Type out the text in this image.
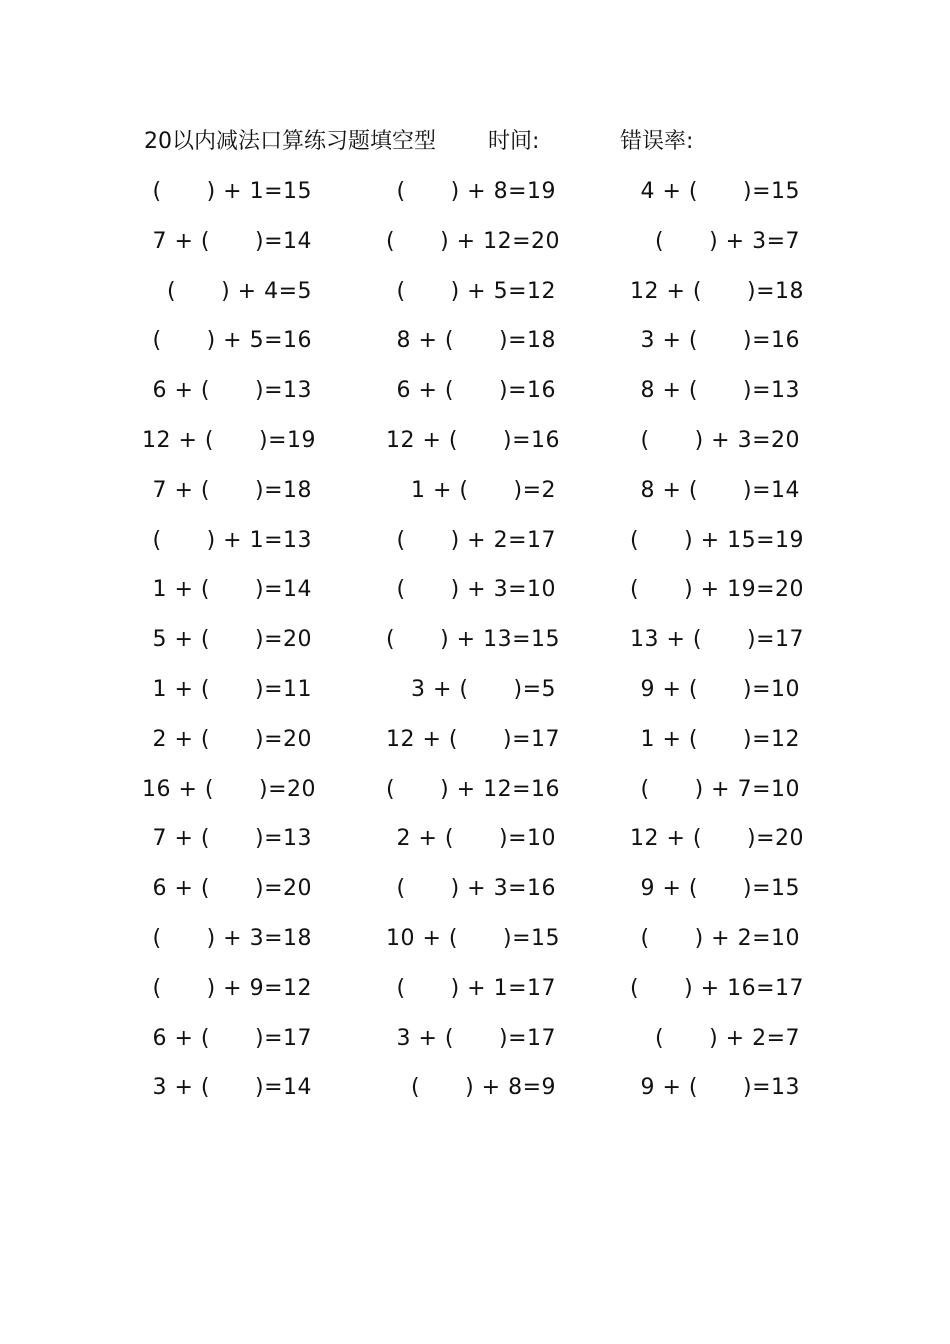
20以内减法口算练习题填空型 时间:	错误率:
(  ) + 1=15	(  ) + 8=19	4 + (  )=15
7 + (  )=14	(  ) + 12=20	(  ) + 3=7
(  ) + 4=5	(  ) + 5=12	12 + (  )=18
(  ) + 5=16	8 + (  )=18	3 + (  )=16
6 + (  )=13	6 + (  )=16	8 + (  )=13
12 + (  )=19	12 + (  )=16	(  ) + 3=20
7 + (  )=18	1 + (  )=2	8 + (  )=14
(  ) + 1=13	(  ) + 2=17	(  ) + 15=19
1 + (  )=14	(  ) + 3=10	(  ) + 19=20
5 + (  )=20	(  ) + 13=15	13 + (  )=17
1 + (  )=11	3 + (  )=5	9 + (  )=10
2 + (  )=20	12 + (  )=17	1 + (  )=12
16 + (  )=20	(  ) + 12=16	(  ) + 7=10
7 + (  )=13	2 + (  )=10	12 + (  )=20
6 + (  )=20	(  ) + 3=16	9 + (  )=15
(  ) + 3=18	10 + (  )=15	(  ) + 2=10
(  ) + 9=12	(  ) + 1=17	(  ) + 16=17
6 + (  )=17	3 + (  )=17	(  ) + 2=7
3 + (  )=14	(  ) + 8=9	9 + (  )=13
